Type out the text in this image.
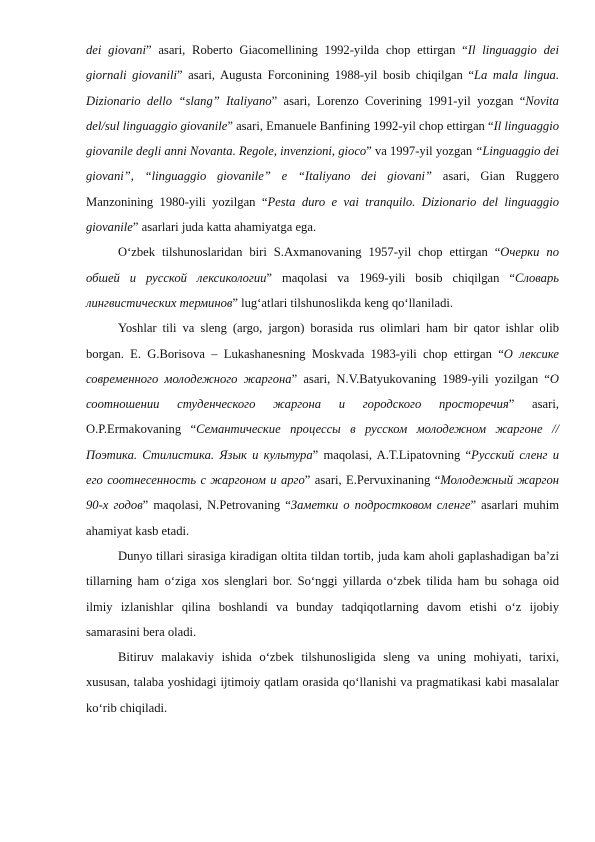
dei giovani” asari, Roberto Giacomellining 1992-yilda chop ettirgan “Il linguaggio dei giornali giovanili” asari, Augusta Forconining 1988-yil bosib chiqilgan “La mala lingua. Dizionario dello “slang” Italiyano” asari, Lorenzo Coverining 1991-yil yozgan “Novita del/sul linguaggio giovanile” asari, Emanuele Banfining 1992-yil chop ettirgan “Il linguaggio giovanile degli anni Novanta. Regole, invenzioni, gioco” va 1997-yil yozgan “Linguaggio dei giovani”, “linguaggio giovanile” e “Italiyano dei giovani” asari, Gian Ruggero Manzonining 1980-yili yozilgan “Pesta duro e vai tranquilo. Dizionario del linguaggio giovanile” asarlari juda katta ahamiyatga ega.

O‘zbek tilshunoslaridan biri S.Axmanovaning 1957-yil chop ettirgan “Очерки по обшей и русской лексикологии” maqolasi va 1969-yili bosib chiqilgan “Словарь лингвистических терминов” lug‘atlari tilshunoslikda keng qo‘llaniladi.

Yoshlar tili va sleng (argo, jargon) borasida rus olimlari ham bir qator ishlar olib borgan. E. G.Borisova – Lukashanesning Moskvada 1983-yili chop ettirgan “О лексике современного молодежного жаргона” asari, N.V.Batyukovaning 1989-yili yozilgan “О соотношении студенческого жаргона и городского просторечия” asari, O.P.Ermakovaning “Семантические процессы в русском молодежном жаргоне // Поэтика. Стилистика. Язык и культура” maqolasi, A.T.Lipatovning “Русский сленг и его соотнесенность с жаргоном и арго” asari, E.Pervuxinaning “Молодежный жаргон 90-х годов” maqolasi, N.Petrovaning “Заметки о подростковом сленге” asarlari muhim ahamiyat kasb etadi.

Dunyo tillari sirasiga kiradigan oltita tildan tortib, juda kam aholi gaplashadigan ba’zi tillarning ham o‘ziga xos slenglari bor. So‘nggi yillarda o‘zbek tilida ham bu sohaga oid ilmiy izlanishlar qilina boshlandi va bunday tadqiqotlarning davom etishi o‘z ijobiy samarasini bera oladi.

Bitiruv malakaviy ishida o‘zbek tilshunosligida sleng va uning mohiyati, tarixi, xususan, talaba yoshidagi ijtimoiy qatlam orasida qo‘llanishi va pragmatikasi kabi masalalar ko‘rib chiqiladi.
